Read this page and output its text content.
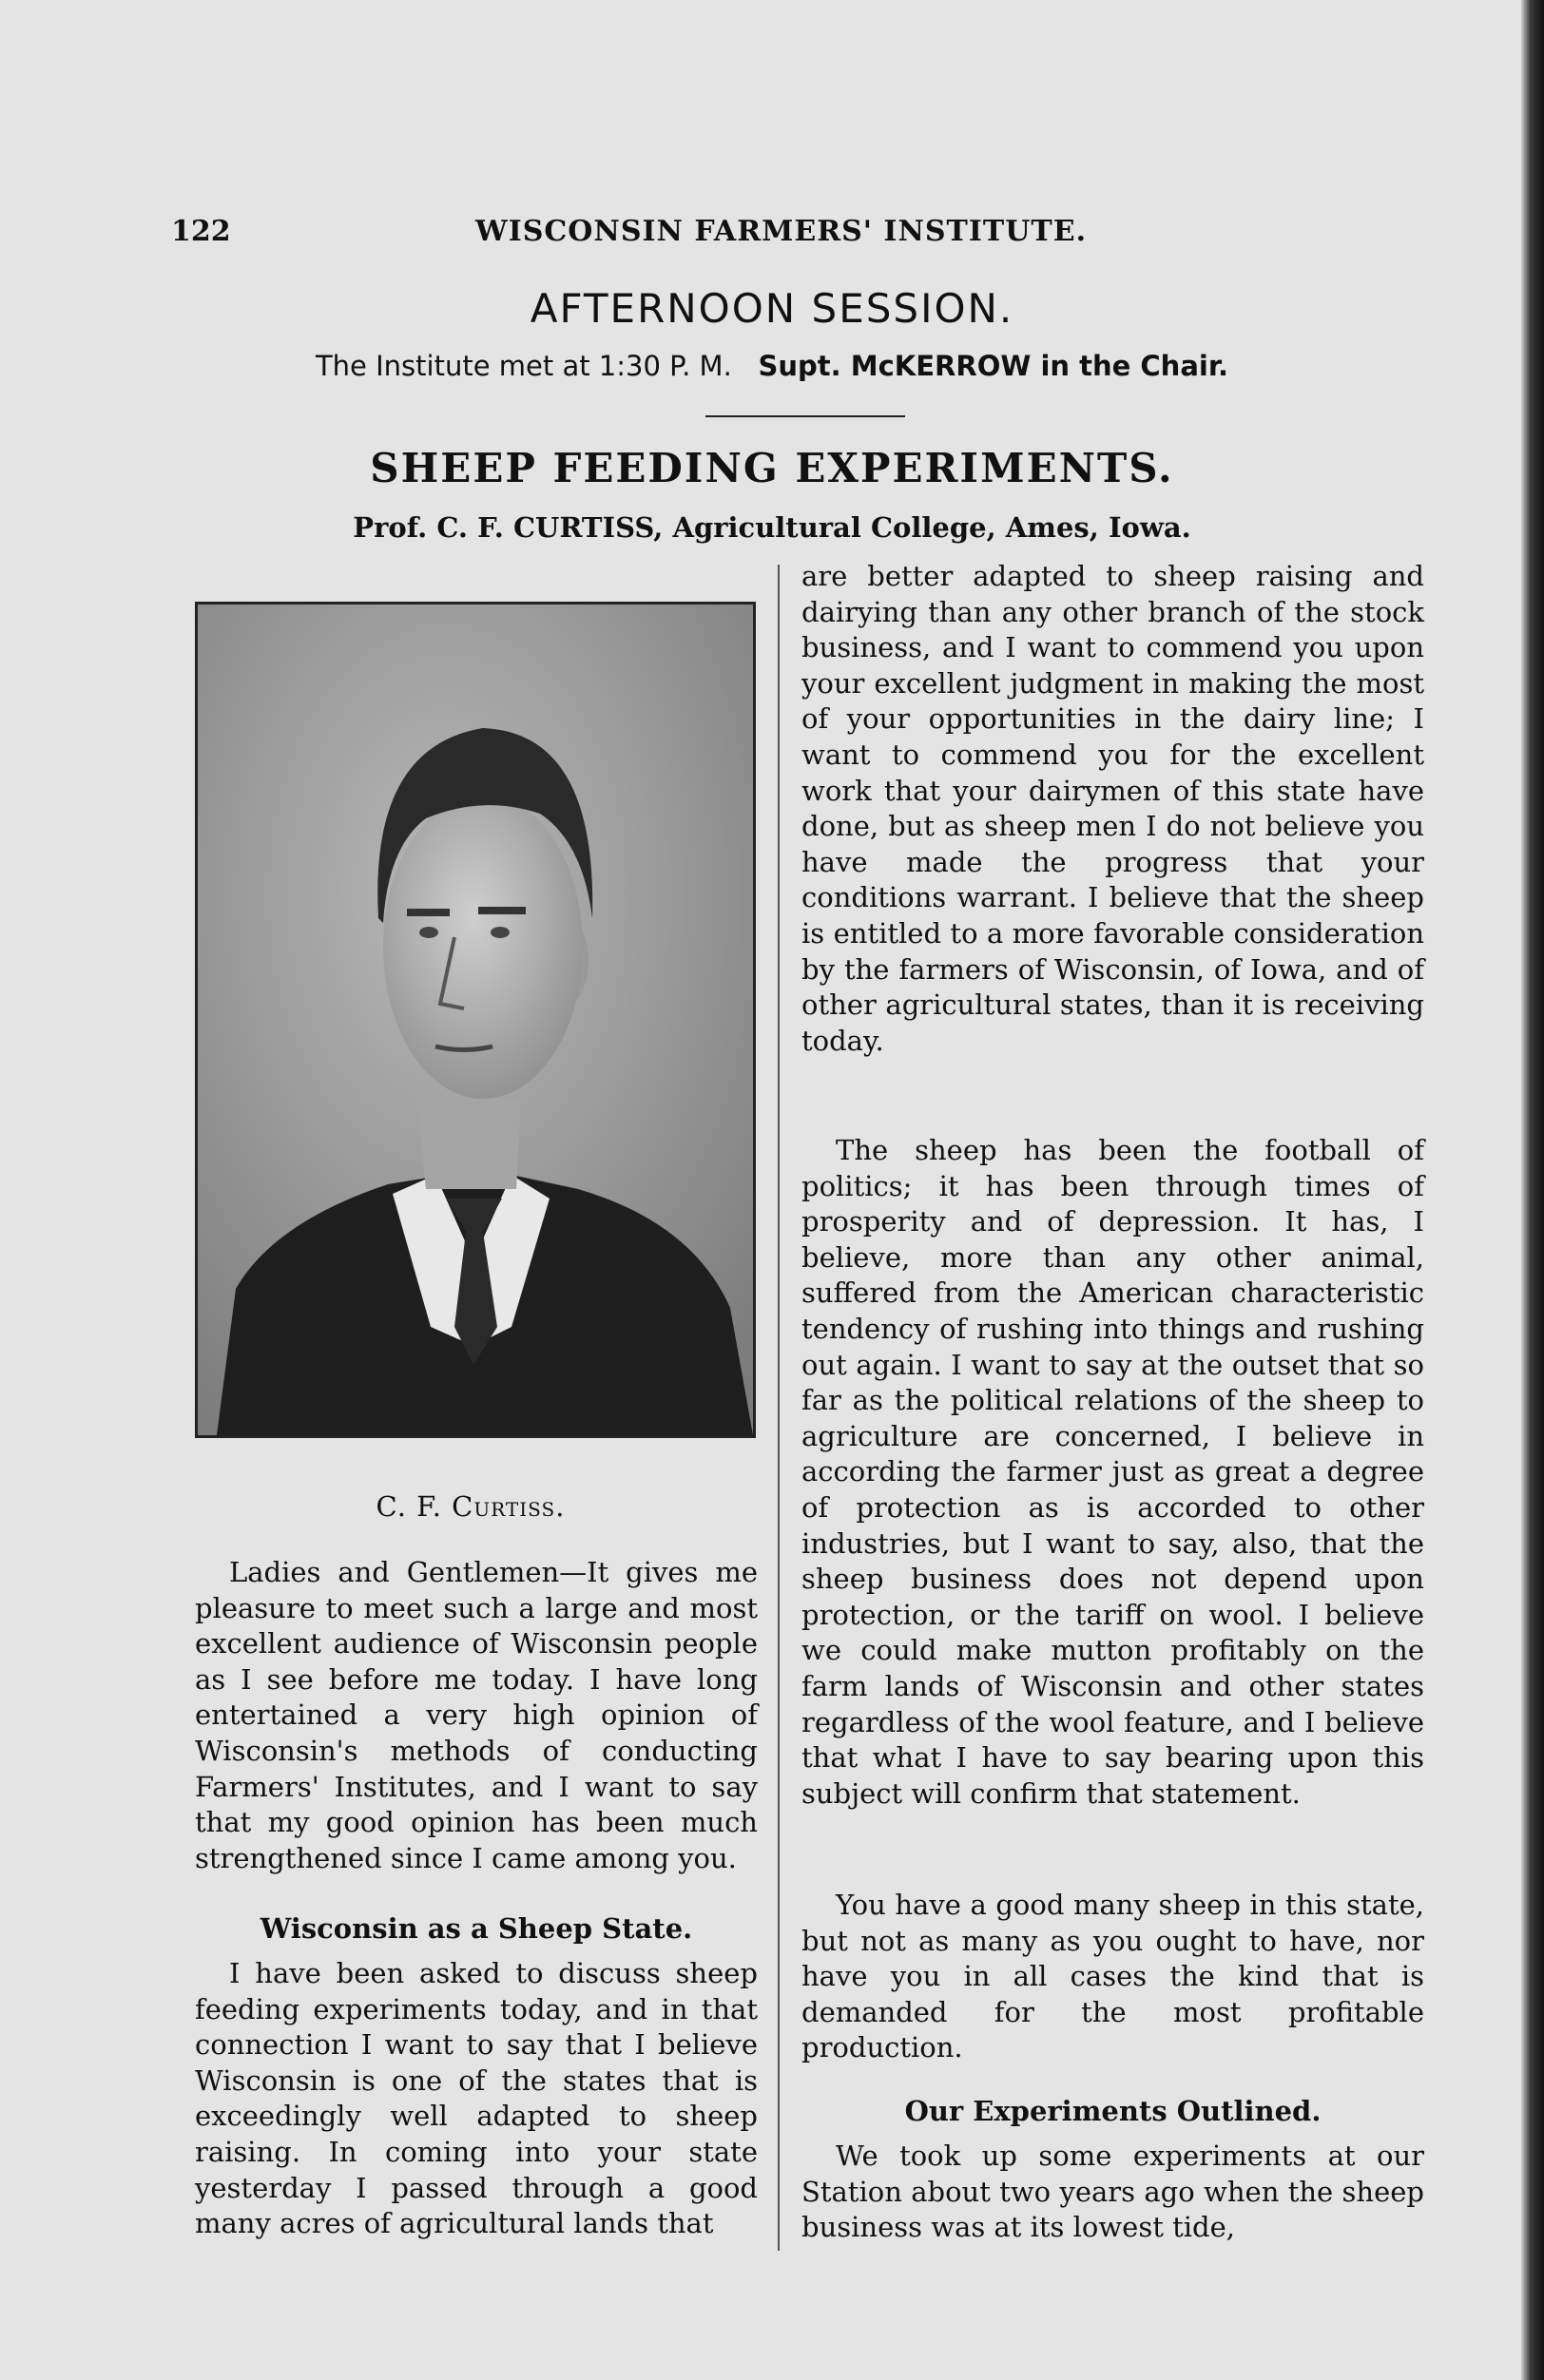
122	WISCONSIN FARMERS' INSTITUTE.
AFTERNOON SESSION.
The Institute met at 1:30 P. M. Supt. McKERROW in the Chair.
SHEEP FEEDING EXPERIMENTS.
Prof. C. F. CURTISS, Agricultural College, Ames, Iowa.
C. F. Curtiss.

Ladies and Gentlemen—It gives me pleasure to meet such a large and most excellent audience of Wisconsin people as I see before me today. I have long entertained a very high opinion of Wisconsin's methods of conducting Farmers' Institutes, and I want to say that my good opinion has been much strengthened since I came among you.

Wisconsin as a Sheep State.

I have been asked to discuss sheep feeding experiments today, and in that connection I want to say that I believe Wisconsin is one of the states that is exceedingly well adapted to sheep raising. In coming into your state yesterday I passed through a good many acres of agricultural lands that

are better adapted to sheep raising and dairying than any other branch of the stock business, and I want to commend you upon your excellent judgment in making the most of your opportunities in the dairy line; I want to commend you for the excellent work that your dairymen of this state have done, but as sheep men I do not believe you have made the progress that your conditions warrant. I believe that the sheep is entitled to a more favorable consideration by the farmers of Wisconsin, of Iowa, and of other agricultural states, than it is receiving today.

The sheep has been the football of politics; it has been through times of prosperity and of depression. It has, I believe, more than any other animal, suffered from the American characteristic tendency of rushing into things and rushing out again. I want to say at the outset that so far as the political relations of the sheep to agriculture are concerned, I believe in according the farmer just as great a degree of protection as is accorded to other industries, but I want to say, also, that the sheep business does not depend upon protection, or the tariff on wool. I believe we could make mutton profitably on the farm lands of Wisconsin and other states regardless of the wool feature, and I believe that what I have to say bearing upon this subject will confirm that statement.

You have a good many sheep in this state, but not as many as you ought to have, nor have you in all cases the kind that is demanded for the most profitable production.

Our Experiments Outlined.

We took up some experiments at our Station about two years ago when the sheep business was at its lowest tide,
